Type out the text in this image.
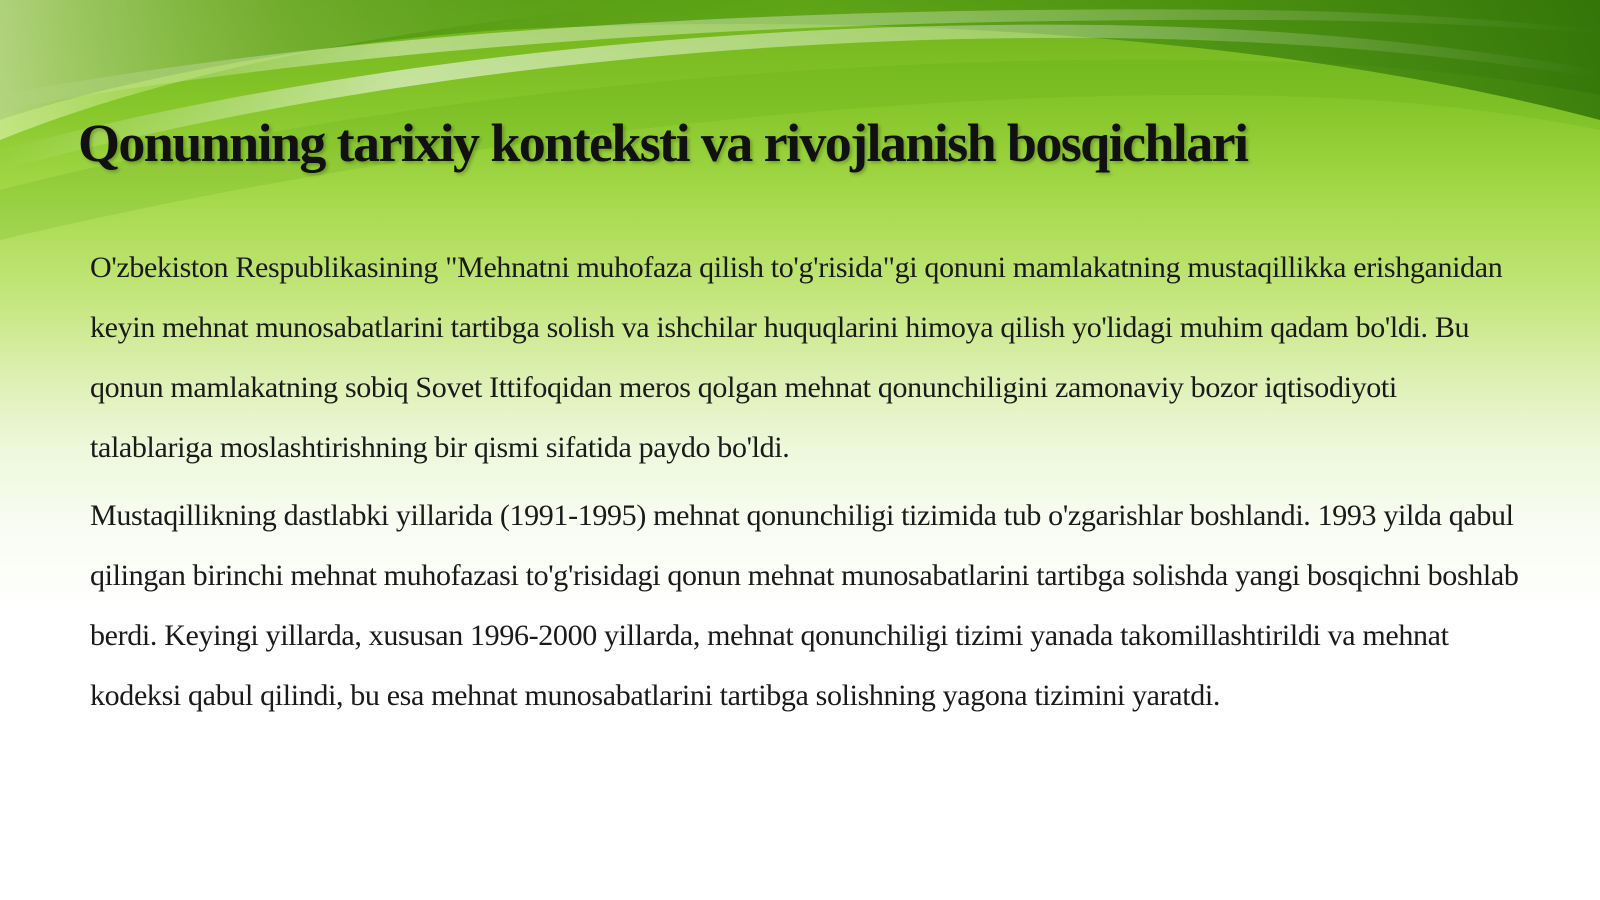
Qonunning tarixiy konteksti va rivojlanish bosqichlari

O'zbekiston Respublikasining "Mehnatni muhofaza qilish to'g'risida"gi qonuni mamlakatning mustaqillikka erishganidan keyin mehnat munosabatlarini tartibga solish va ishchilar huquqlarini himoya qilish yo'lidagi muhim qadam bo'ldi. Bu qonun mamlakatning sobiq Sovet Ittifoqidan meros qolgan mehnat qonunchiligini zamonaviy bozor iqtisodiyoti talablariga moslashtirishning bir qismi sifatida paydo bo'ldi.

Mustaqillikning dastlabki yillarida (1991-1995) mehnat qonunchiligi tizimida tub o'zgarishlar boshlandi. 1993 yilda qabul qilingan birinchi mehnat muhofazasi to'g'risidagi qonun mehnat munosabatlarini tartibga solishda yangi bosqichni boshlab berdi. Keyingi yillarda, xususan 1996-2000 yillarda, mehnat qonunchiligi tizimi yanada takomillashtirildi va mehnat kodeksi qabul qilindi, bu esa mehnat munosabatlarini tartibga solishning yagona tizimini yaratdi.
